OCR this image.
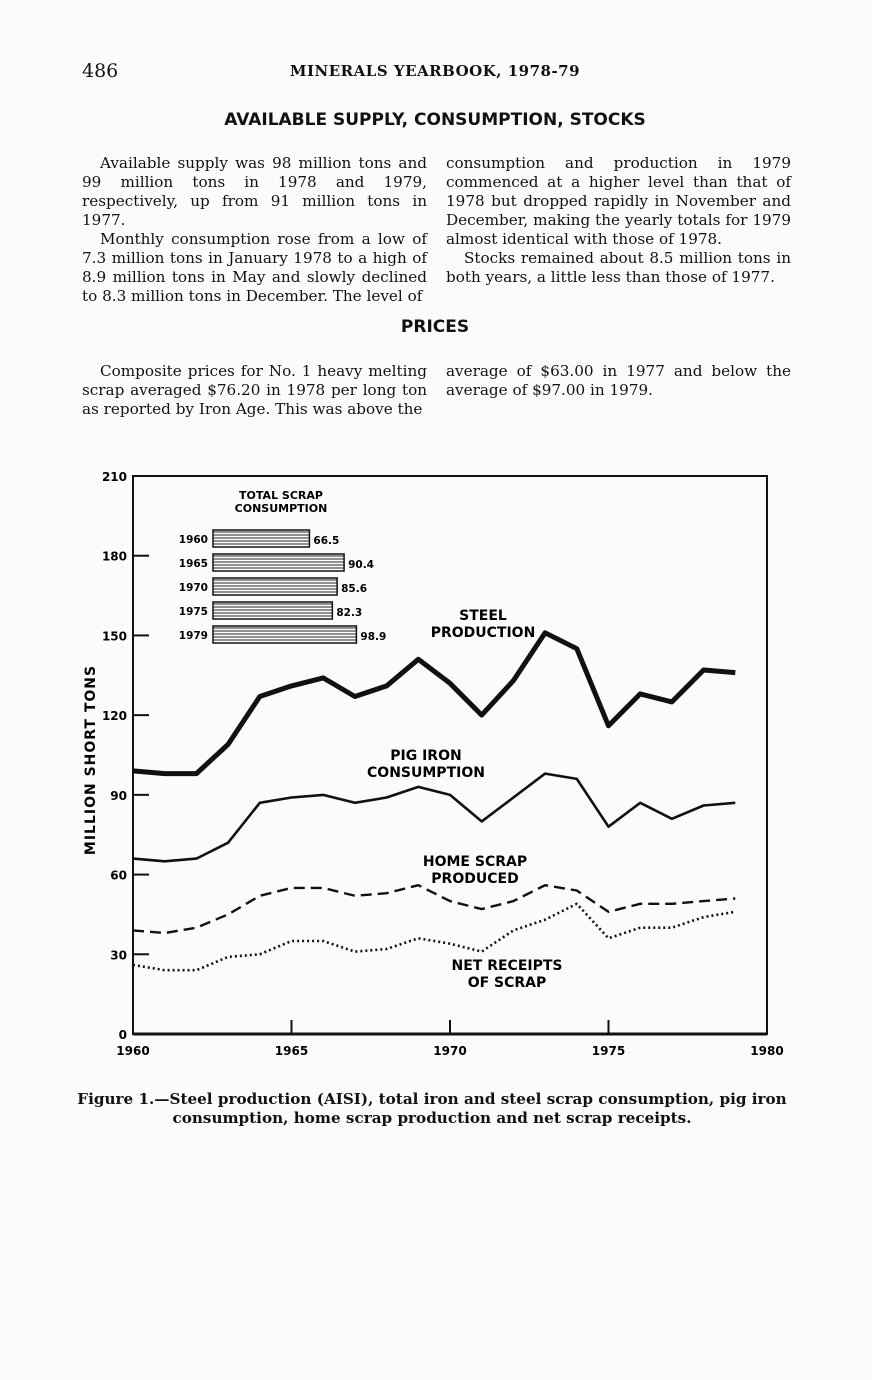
486	MINERALS YEARBOOK, 1978-79
AVAILABLE SUPPLY, CONSUMPTION, STOCKS

Available supply was 98 million tons and 99 million tons in 1978 and 1979, respectively, up from 91 million tons in 1977.

Monthly consumption rose from a low of 7.3 million tons in January 1978 to a high of 8.9 million tons in May and slowly declined to 8.3 million tons in December. The level of

consumption and production in 1979 commenced at a higher level than that of 1978 but dropped rapidly in November and December, making the yearly totals for 1979 almost identical with those of 1978.

Stocks remained about 8.5 million tons in both years, a little less than those of 1977.

PRICES

Composite prices for No. 1 heavy melting scrap averaged $76.20 in 1978 per long ton as reported by Iron Age. This was above the

average of $63.00 in 1977 and below the average of $97.00 in 1979.

0
30
60
90
120
150
180
210
1960	1965	1970	1975	1980
MILLION SHORT TONS
TOTAL SCRAP CONSUMPTION
1960	66.5
1965	90.4
1970	85.6
1975	82.3
1979	98.9
STEEL PRODUCTION
PIG IRON CONSUMPTION
HOME SCRAP PRODUCED
NET RECEIPTS OF SCRAP
Figure 1.—Steel production (AISI), total iron and steel scrap consumption, pig iron consumption, home scrap production and net scrap receipts.
